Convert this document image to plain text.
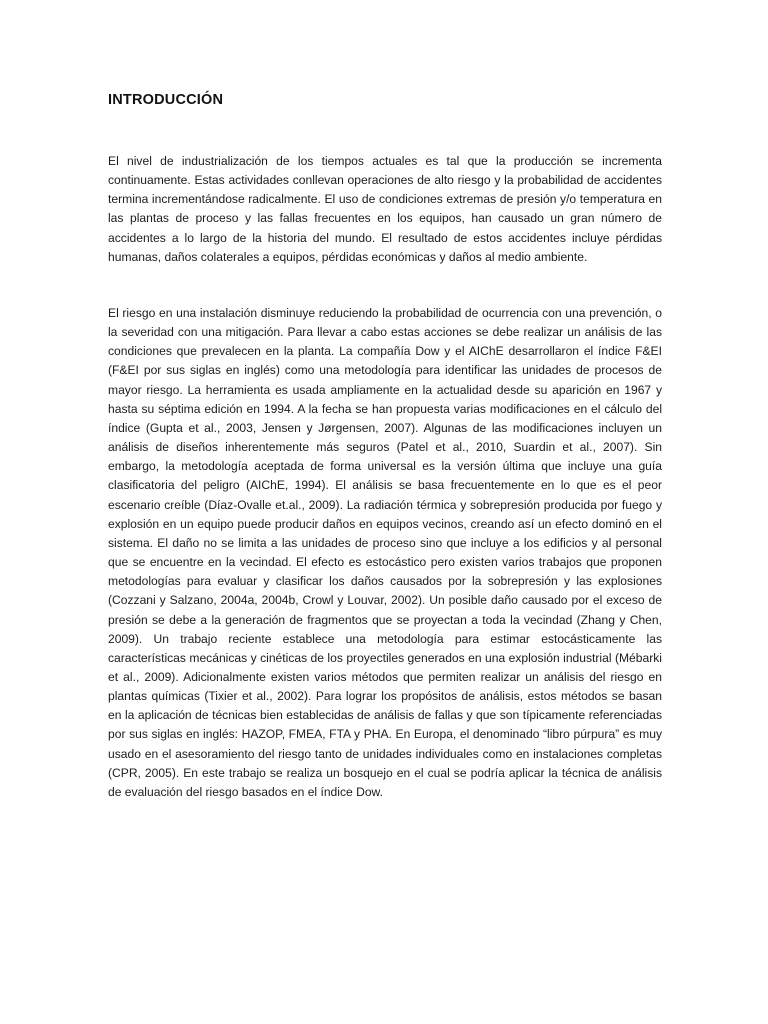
INTRODUCCIÓN

El nivel de industrialización de los tiempos actuales es tal que la producción se incrementa continuamente. Estas actividades conllevan operaciones de alto riesgo y la probabilidad de accidentes termina incrementándose radicalmente. El uso de condiciones extremas de presión y/o temperatura en las plantas de proceso y las fallas frecuentes en los equipos, han causado un gran número de accidentes a lo largo de la historia del mundo. El resultado de estos accidentes incluye pérdidas humanas, daños colaterales a equipos, pérdidas económicas y daños al medio ambiente.

El riesgo en una instalación disminuye reduciendo la probabilidad de ocurrencia con una prevención, o la severidad con una mitigación. Para llevar a cabo estas acciones se debe realizar un análisis de las condiciones que prevalecen en la planta. La compañía Dow y el AIChE desarrollaron el índice F&EI (F&EI por sus siglas en inglés) como una metodología para identificar las unidades de procesos de mayor riesgo. La herramienta es usada ampliamente en la actualidad desde su aparición en 1967 y hasta su séptima edición en 1994. A la fecha se han propuesta varias modificaciones en el cálculo del índice (Gupta et al., 2003, Jensen y Jørgensen, 2007). Algunas de las modificaciones incluyen un análisis de diseños inherentemente más seguros (Patel et al., 2010, Suardin et al., 2007). Sin embargo, la metodología aceptada de forma universal es la versión última que incluye una guía clasificatoria del peligro (AIChE, 1994). El análisis se basa frecuentemente en lo que es el peor escenario creíble (Díaz-Ovalle et.al., 2009). La radiación térmica y sobrepresión producida por fuego y explosión en un equipo puede producir daños en equipos vecinos, creando así un efecto dominó en el sistema. El daño no se limita a las unidades de proceso sino que incluye a los edificios y al personal que se encuentre en la vecindad. El efecto es estocástico pero existen varios trabajos que proponen metodologías para evaluar y clasificar los daños causados por la sobrepresión y las explosiones (Cozzani y Salzano, 2004a, 2004b, Crowl y Louvar, 2002). Un posible daño causado por el exceso de presión se debe a la generación de fragmentos que se proyectan a toda la vecindad (Zhang y Chen, 2009). Un trabajo reciente establece una metodología para estimar estocásticamente las características mecánicas y cinéticas de los proyectiles generados en una explosión industrial (Mébarki et al., 2009). Adicionalmente existen varios métodos que permiten realizar un análisis del riesgo en plantas químicas (Tixier et al., 2002). Para lograr los propósitos de análisis, estos métodos se basan en la aplicación de técnicas bien establecidas de análisis de fallas y que son típicamente referenciadas por sus siglas en inglés: HAZOP, FMEA, FTA y PHA. En Europa, el denominado “libro púrpura” es muy usado en el asesoramiento del riesgo tanto de unidades individuales como en instalaciones completas (CPR, 2005). En este trabajo se realiza un bosquejo en el cual se podría aplicar la técnica de análisis de evaluación del riesgo basados en el índice Dow.
